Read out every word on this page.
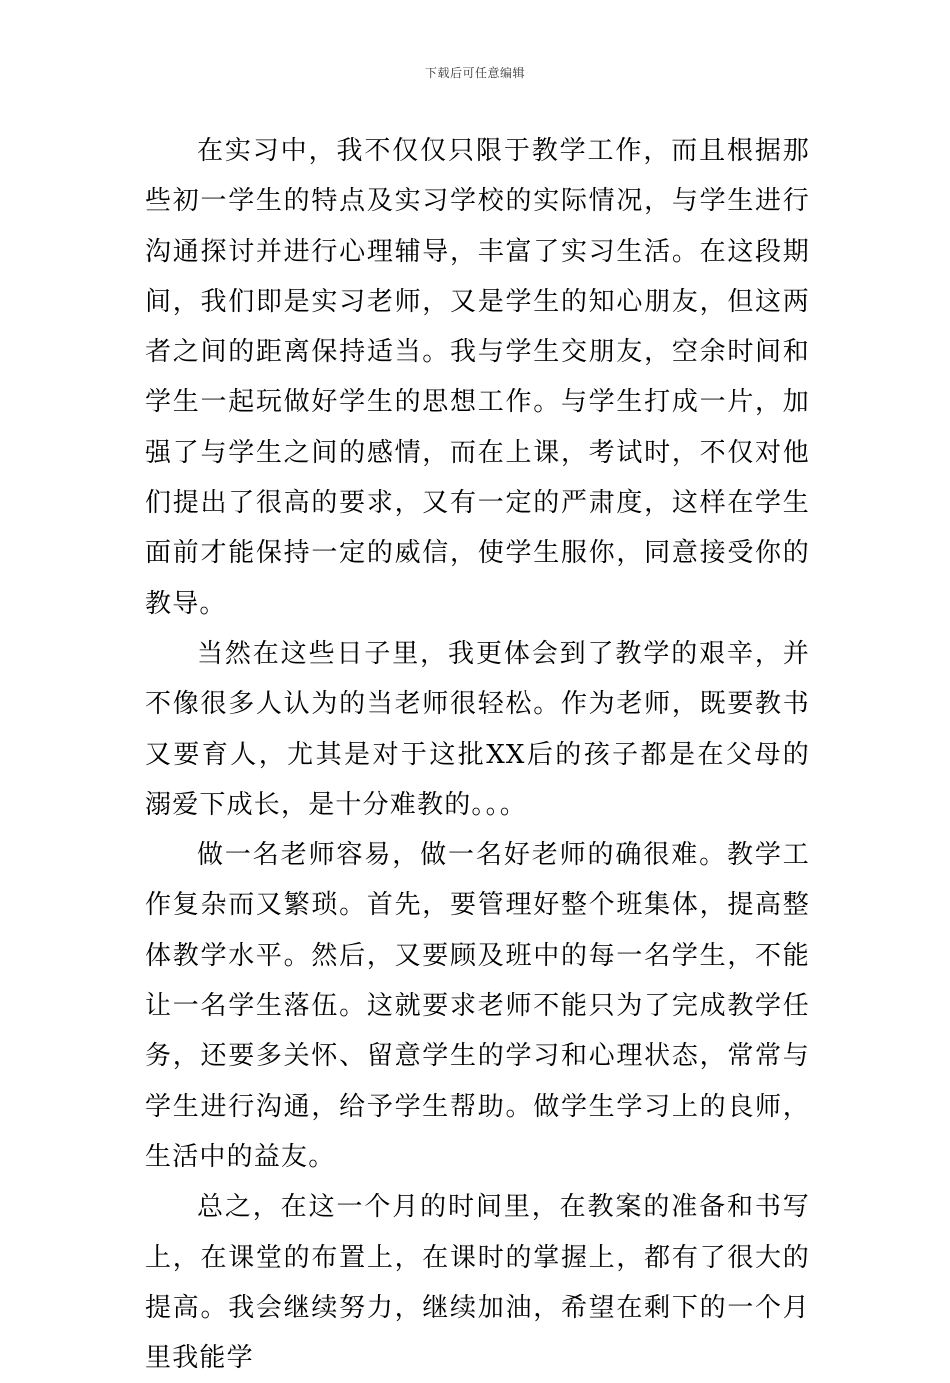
下载后可任意编辑

在实习中，我不仅仅只限于教学工作，而且根据那些初一学生的特点及实习学校的实际情况，与学生进行沟通探讨并进行心理辅导，丰富了实习生活。在这段期间，我们即是实习老师，又是学生的知心朋友，但这两者之间的距离保持适当。我与学生交朋友，空余时间和学生一起玩做好学生的思想工作。与学生打成一片，加强了与学生之间的感情，而在上课，考试时，不仅对他们提出了很高的要求，又有一定的严肃度，这样在学生面前才能保持一定的威信，使学生服你，同意接受你的教导。

当然在这些日子里，我更体会到了教学的艰辛，并不像很多人认为的当老师很轻松。作为老师，既要教书又要育人，尤其是对于这批XX后的孩子都是在父母的溺爱下成长，是十分难教的。。。

做一名老师容易，做一名好老师的确很难。教学工作复杂而又繁琐。首先，要管理好整个班集体，提高整体教学水平。然后，又要顾及班中的每一名学生，不能让一名学生落伍。这就要求老师不能只为了完成教学任务，还要多关怀、留意学生的学习和心理状态，常常与学生进行沟通，给予学生帮助。做学生学习上的良师，生活中的益友。

总之，在这一个月的时间里，在教案的准备和书写上，在课堂的布置上，在课时的掌握上，都有了很大的提高。我会继续努力，继续加油，希望在剩下的一个月里我能学
